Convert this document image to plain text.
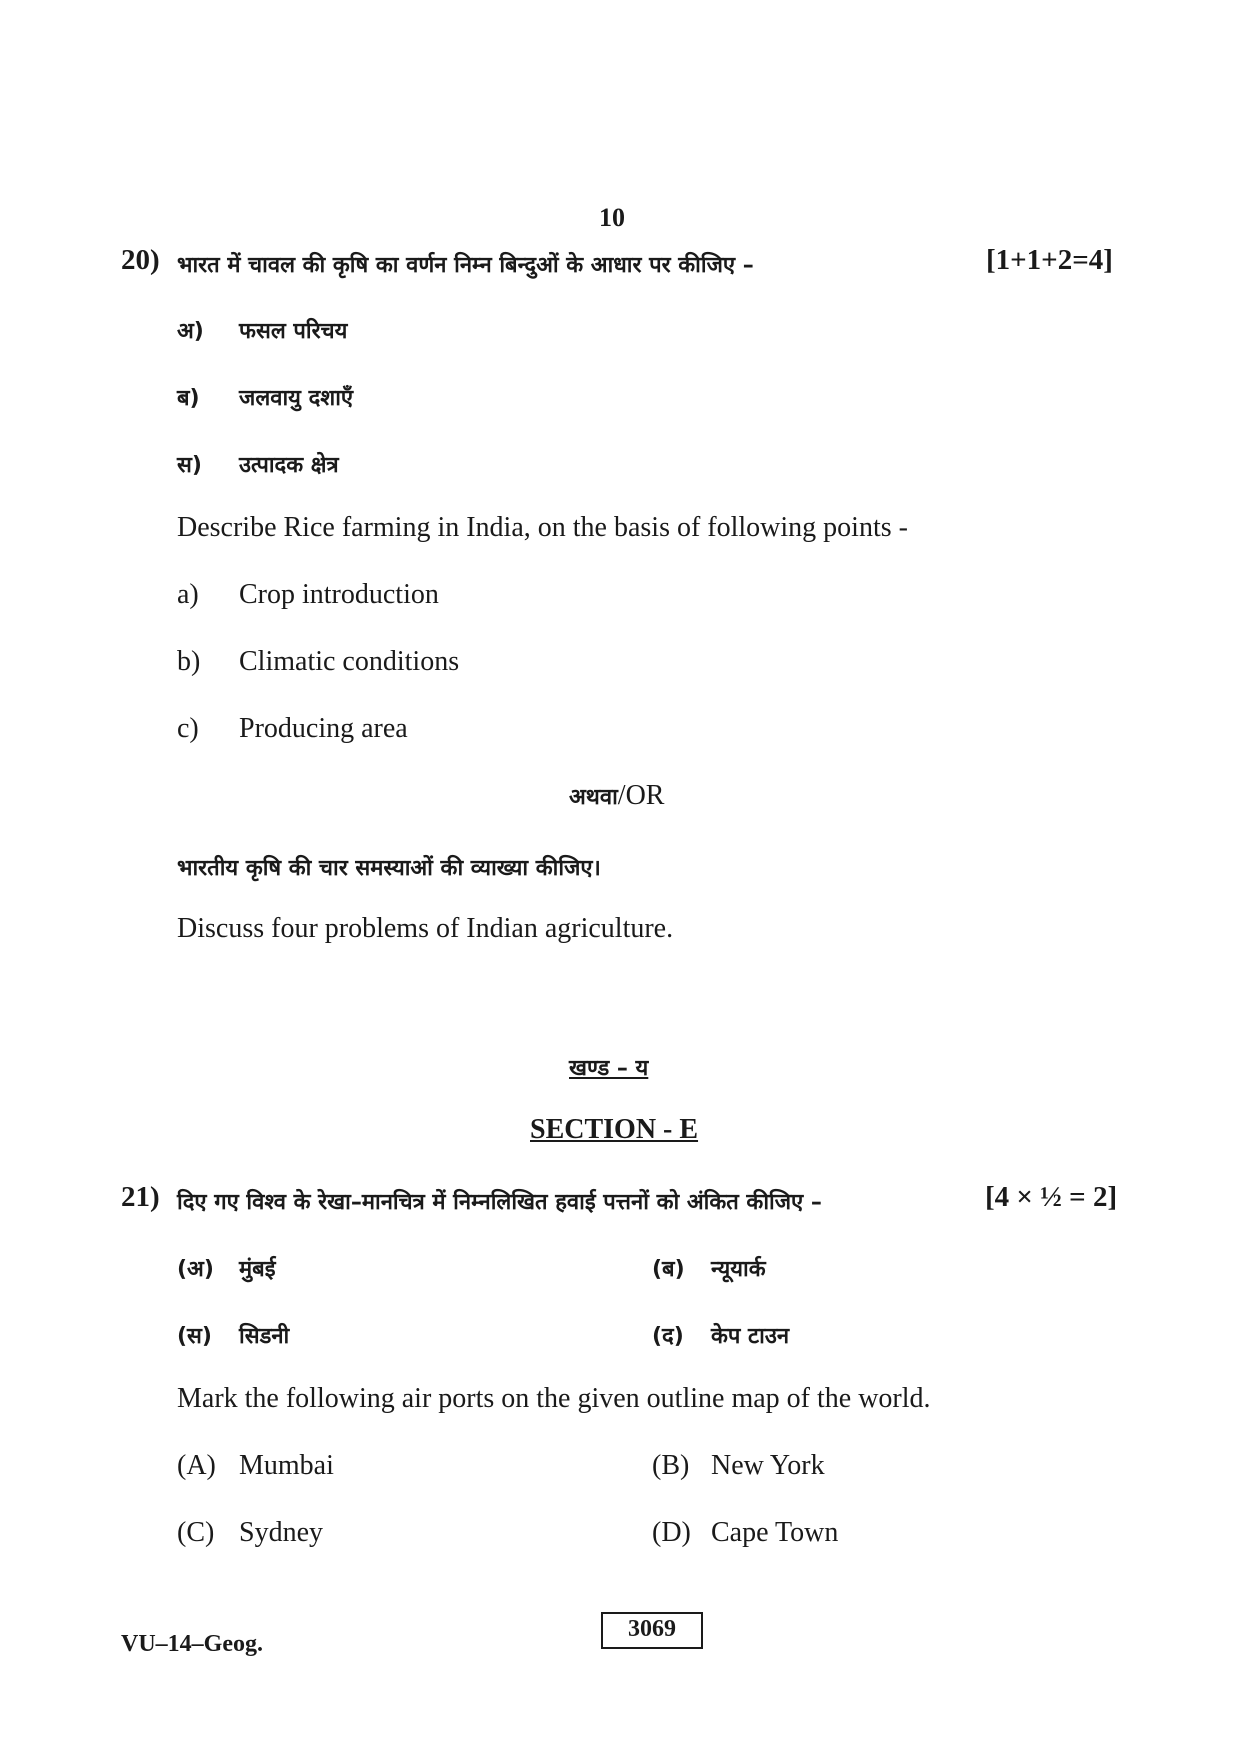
10
20) भारत में चावल की कृषि का वर्णन निम्न बिन्दुओं के आधार पर कीजिए –	[1+1+2=4]
अ) फसल परिचय
ब) जलवायु दशाएँ
स) उत्पादक क्षेत्र
Describe Rice farming in India, on the basis of following points -
a) Crop introduction
b) Climatic conditions
c) Producing area
अथवा/OR
भारतीय कृषि की चार समस्याओं की व्याख्या कीजिए।
Discuss four problems of Indian agriculture.
खण्ड – य
SECTION - E
21) दिए गए विश्व के रेखा–मानचित्र में निम्नलिखित हवाई पत्तनों को अंकित कीजिए –	[4 × ½ = 2]
(अ) मुंबई	(ब) न्यूयार्क
(स) सिडनी	(द) केप टाउन
Mark the following air ports on the given outline map of the world.
(A) Mumbai	(B) New York
(C) Sydney	(D) Cape Town
VU–14–Geog.
3069
